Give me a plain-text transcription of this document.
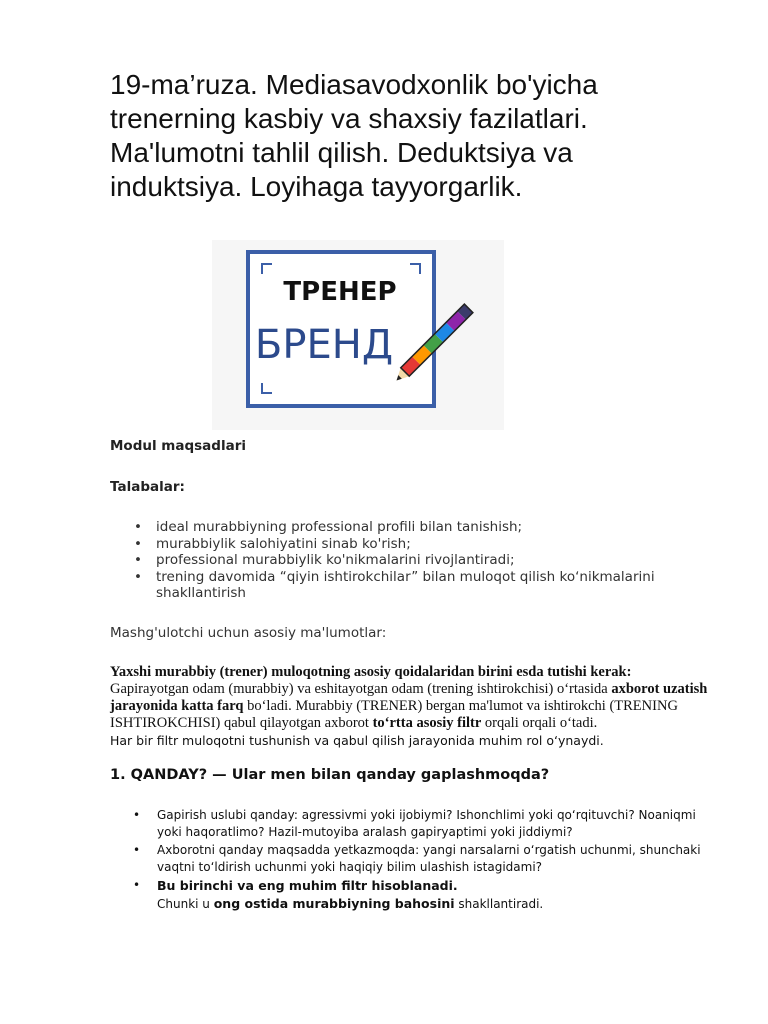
19-ma’ruza. Mediasavodxonlik bo'yicha trenerning kasbiy va shaxsiy fazilatlari. Ma'lumotni tahlil qilish. Deduktsiya va induktsiya. Loyihaga tayyorgarlik.
TPEHEP
БРЕНД
Modul maqsadlari
Talabalar:
• ideal murabbiyning professional profili bilan tanishish;
• murabbiylik salohiyatini sinab ko'rish;
• professional murabbiylik ko'nikmalarini rivojlantiradi;
• trening davomida “qiyin ishtirokchilar” bilan muloqot qilish koʻnikmalarini shakllantirish

Mashg'ulotchi uchun asosiy ma'lumotlar:

Yaxshi murabbiy (trener) muloqotning asosiy qoidalaridan birini esda tutishi kerak:
Gapirayotgan odam (murabbiy) va eshitayotgan odam (trening ishtirokchisi) oʻrtasida axborot uzatish jarayonida katta farq boʻladi. Murabbiy (TRENER) bergan ma'lumot va ishtirokchi (TRENING ISHTIROKCHISI) qabul qilayotgan axborot toʻrtta asosiy filtr orqali orqali oʻtadi.
Har bir filtr muloqotni tushunish va qabul qilish jarayonida muhim rol oʻynaydi.

1. QANDAY? — Ular men bilan qanday gaplashmoqda?
• Gapirish uslubi qanday: agressivmi yoki ijobiymi? Ishonchlimi yoki qoʻrqituvchi? Noaniqmi yoki haqoratlimo? Hazil-mutoyiba aralash gapiryaptimi yoki jiddiymi?
• Axborotni qanday maqsadda yetkazmoqda: yangi narsalarni oʻrgatish uchunmi, shunchaki vaqtni toʻldirish uchunmi yoki haqiqiy bilim ulashish istagidami?
• Bu birinchi va eng muhim filtr hisoblanadi.
Chunki u ong ostida murabbiyning bahosini shakllantiradi.
